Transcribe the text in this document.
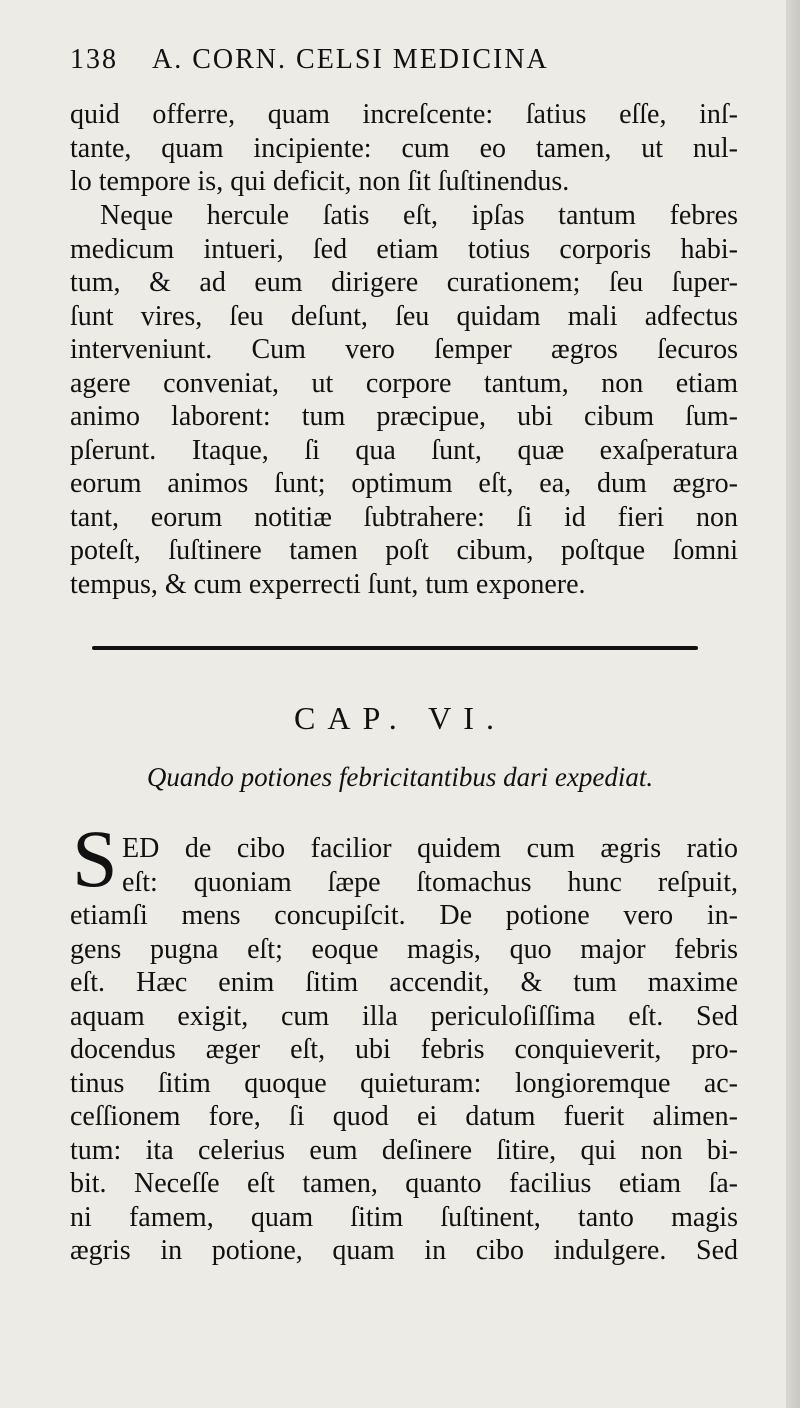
138 A. CORN. CELSI MEDICINA
quid offerre, quam increſcente: ſatius eſſe, inſ-
tante, quam incipiente: cum eo tamen, ut nul-
lo tempore is, qui deficit, non ſit ſuſtinendus.
Neque hercule ſatis eſt, ipſas tantum febres
medicum intueri, ſed etiam totius corporis habi-
tum, & ad eum dirigere curationem; ſeu ſuper-
ſunt vires, ſeu deſunt, ſeu quidam mali adfectus
interveniunt. Cum vero ſemper ægros ſecuros
agere conveniat, ut corpore tantum, non etiam
animo laborent: tum præcipue, ubi cibum ſum-
pſerunt. Itaque, ſi qua ſunt, quæ exaſperatura
eorum animos ſunt; optimum eſt, ea, dum ægro-
tant, eorum notitiæ ſubtrahere: ſi id fieri non
poteſt, ſuſtinere tamen poſt cibum, poſtque ſomni
tempus, & cum experrecti ſunt, tum exponere.
CAP. VI.
Quando potiones febricitantibus dari expediat.
S ED de cibo facilior quidem cum ægris ratio
eſt: quoniam ſæpe ſtomachus hunc reſpuit,
etiamſi mens concupiſcit. De potione vero in-
gens pugna eſt; eoque magis, quo major febris
eſt. Hæc enim ſitim accendit, & tum maxime
aquam exigit, cum illa periculoſiſſima eſt. Sed
docendus æger eſt, ubi febris conquieverit, pro-
tinus ſitim quoque quieturam: longioremque ac-
ceſſionem fore, ſi quod ei datum fuerit alimen-
tum: ita celerius eum deſinere ſitire, qui non bi-
bit. Neceſſe eſt tamen, quanto facilius etiam ſa-
ni famem, quam ſitim ſuſtinent, tanto magis
ægris in potione, quam in cibo indulgere. Sed
